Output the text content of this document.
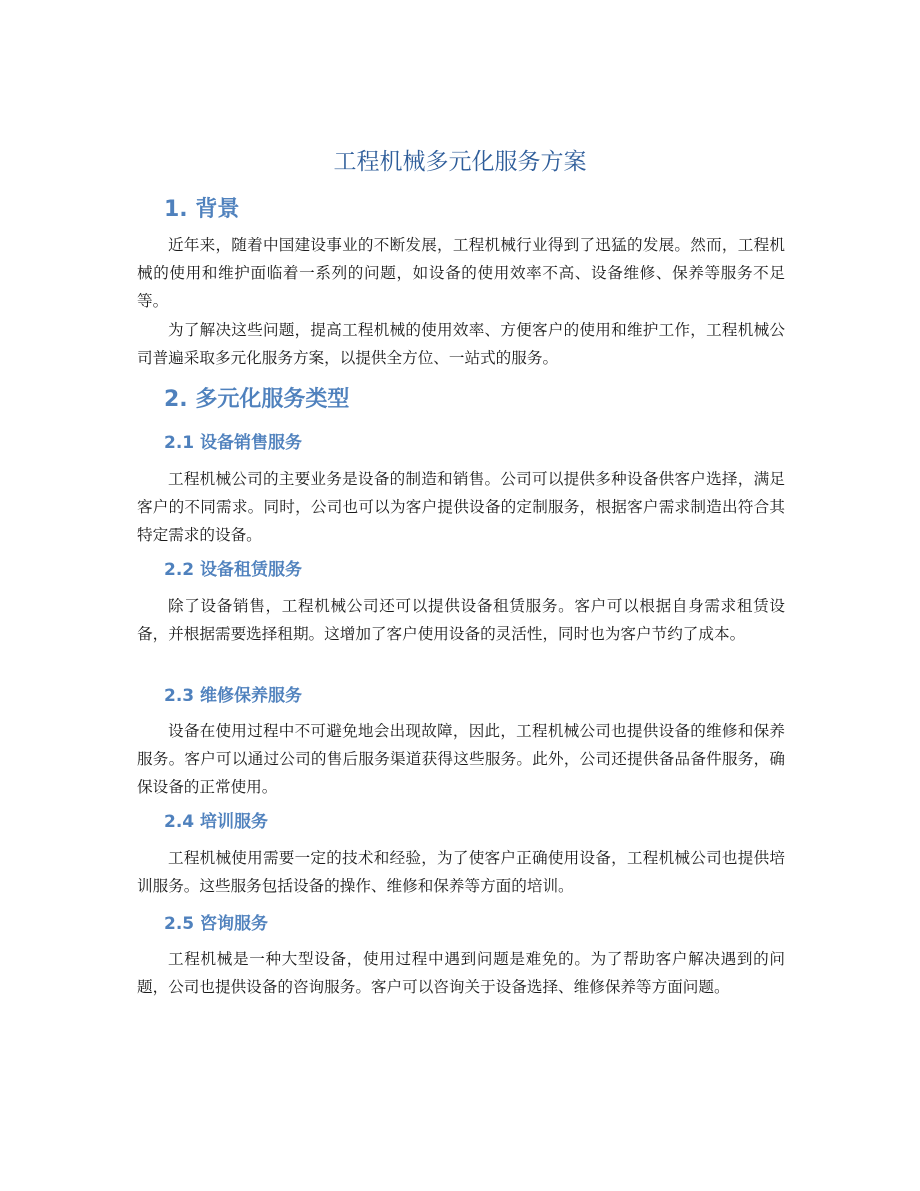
工程机械多元化服务方案
1. 背景

近年来，随着中国建设事业的不断发展，工程机械行业得到了迅猛的发展。然而，工程机械的使用和维护面临着一系列的问题，如设备的使用效率不高、设备维修、保养等服务不足等。

为了解决这些问题，提高工程机械的使用效率、方便客户的使用和维护工作，工程机械公司普遍采取多元化服务方案，以提供全方位、一站式的服务。

2. 多元化服务类型
2.1 设备销售服务

工程机械公司的主要业务是设备的制造和销售。公司可以提供多种设备供客户选择，满足客户的不同需求。同时，公司也可以为客户提供设备的定制服务，根据客户需求制造出符合其特定需求的设备。

2.2 设备租赁服务

除了设备销售，工程机械公司还可以提供设备租赁服务。客户可以根据自身需求租赁设备，并根据需要选择租期。这增加了客户使用设备的灵活性，同时也为客户节约了成本。

2.3 维修保养服务

设备在使用过程中不可避免地会出现故障，因此，工程机械公司也提供设备的维修和保养服务。客户可以通过公司的售后服务渠道获得这些服务。此外，公司还提供备品备件服务，确保设备的正常使用。

2.4 培训服务

工程机械使用需要一定的技术和经验，为了使客户正确使用设备，工程机械公司也提供培训服务。这些服务包括设备的操作、维修和保养等方面的培训。

2.5 咨询服务

工程机械是一种大型设备，使用过程中遇到问题是难免的。为了帮助客户解决遇到的问题，公司也提供设备的咨询服务。客户可以咨询关于设备选择、维修保养等方面问题。
